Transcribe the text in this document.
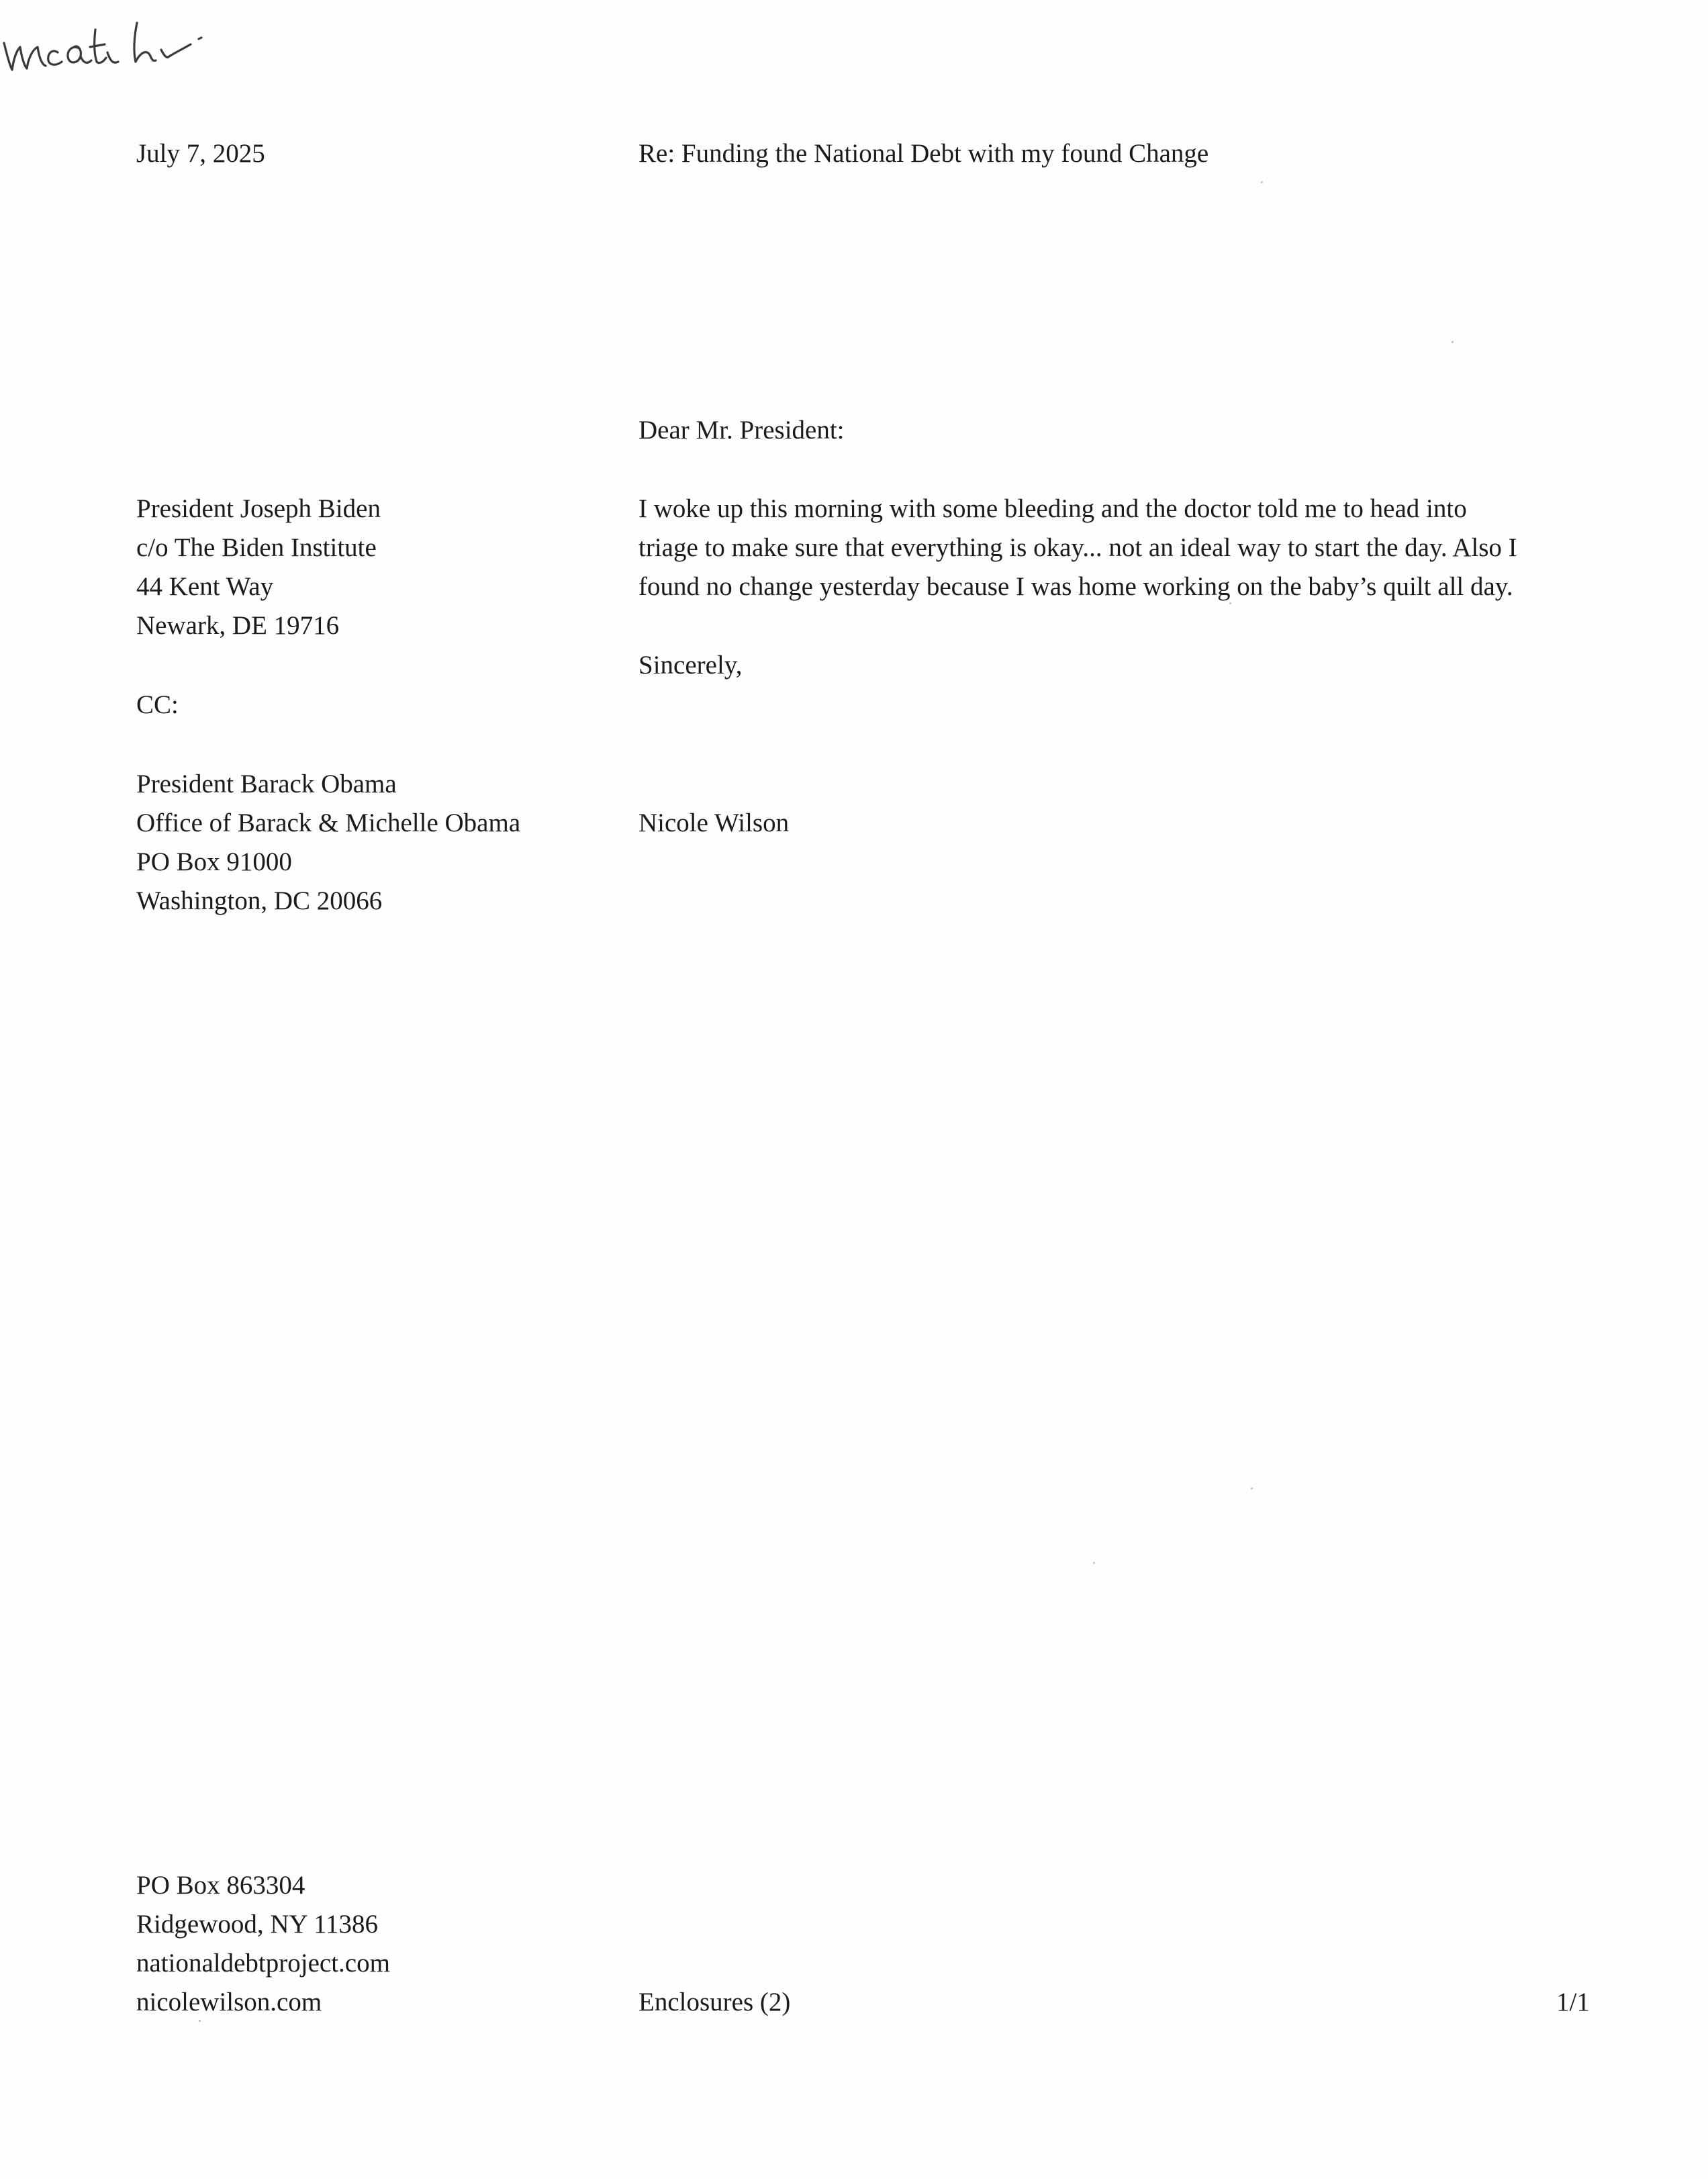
July 7, 2025	Re: Funding the National Debt with my found Change
Dear Mr. President:
President Joseph Biden
c/o The Biden Institute
44 Kent Way
Newark, DE 19716
I woke up this morning with some bleeding and the doctor told me to head into
triage to make sure that everything is okay... not an ideal way to start the day. Also I
found no change yesterday because I was home working on the baby’s quilt all day.
CC:
Sincerely,
President Barack Obama
Office of Barack & Michelle Obama
PO Box 91000
Washington, DC 20066
Nicole Wilson
PO Box 863304
Ridgewood, NY 11386
nationaldebtproject.com
nicolewilson.com	Enclosures (2)	1/1
